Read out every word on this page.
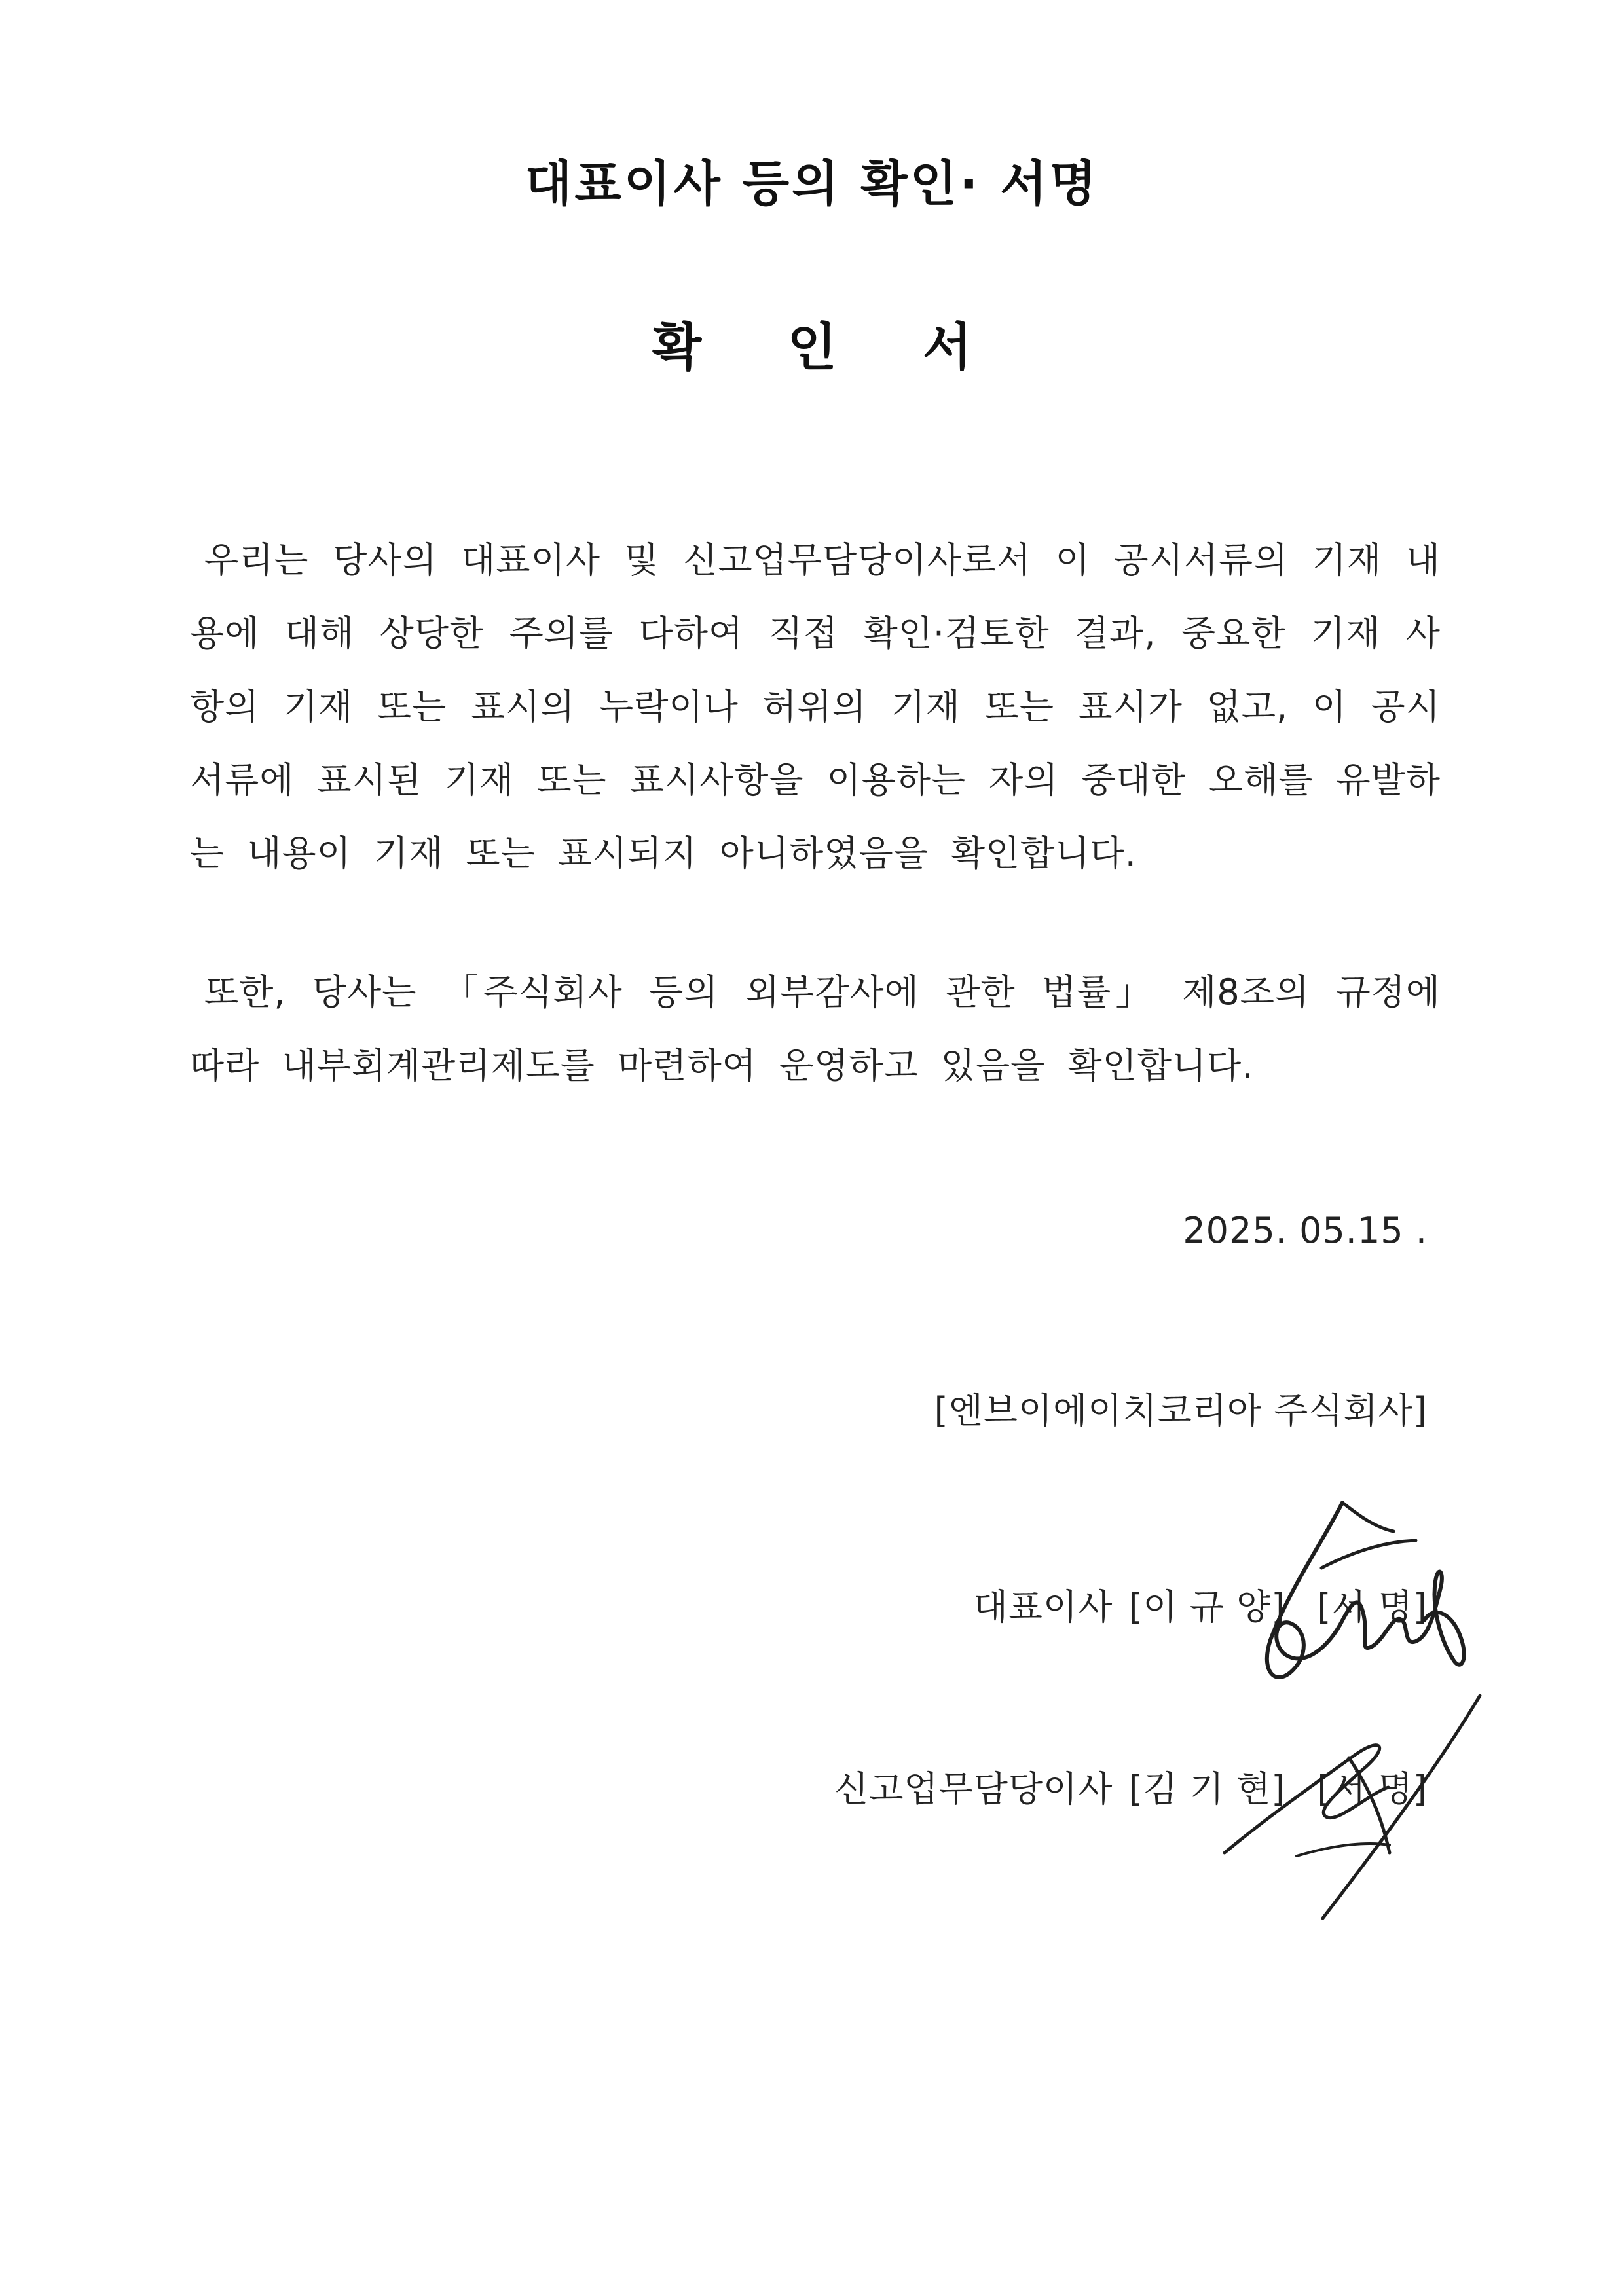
대표이사 등의 확인· 서명
확 인 서

우리는 당사의 대표이사 및 신고업무담당이사로서 이 공시서류의 기재 내용에 대해 상당한 주의를 다하여 직접 확인·검토한 결과, 중요한 기재 사항의 기재 또는 표시의 누락이나 허위의 기재 또는 표시가 없고, 이 공시서류에 표시된 기재 또는 표시사항을 이용하는 자의 중대한 오해를 유발하는 내용이 기재 또는 표시되지 아니하였음을 확인합니다.

또한, 당사는 「주식회사 등의 외부감사에 관한 법률」 제8조의 규정에 따라 내부회계관리제도를 마련하여 운영하고 있음을 확인합니다.

2025. 05.15 .
[엔브이에이치코리아 주식회사]
대표이사 [이 규 양] [서 명]
신고업무담당이사 [김 기 현] [서 명]
